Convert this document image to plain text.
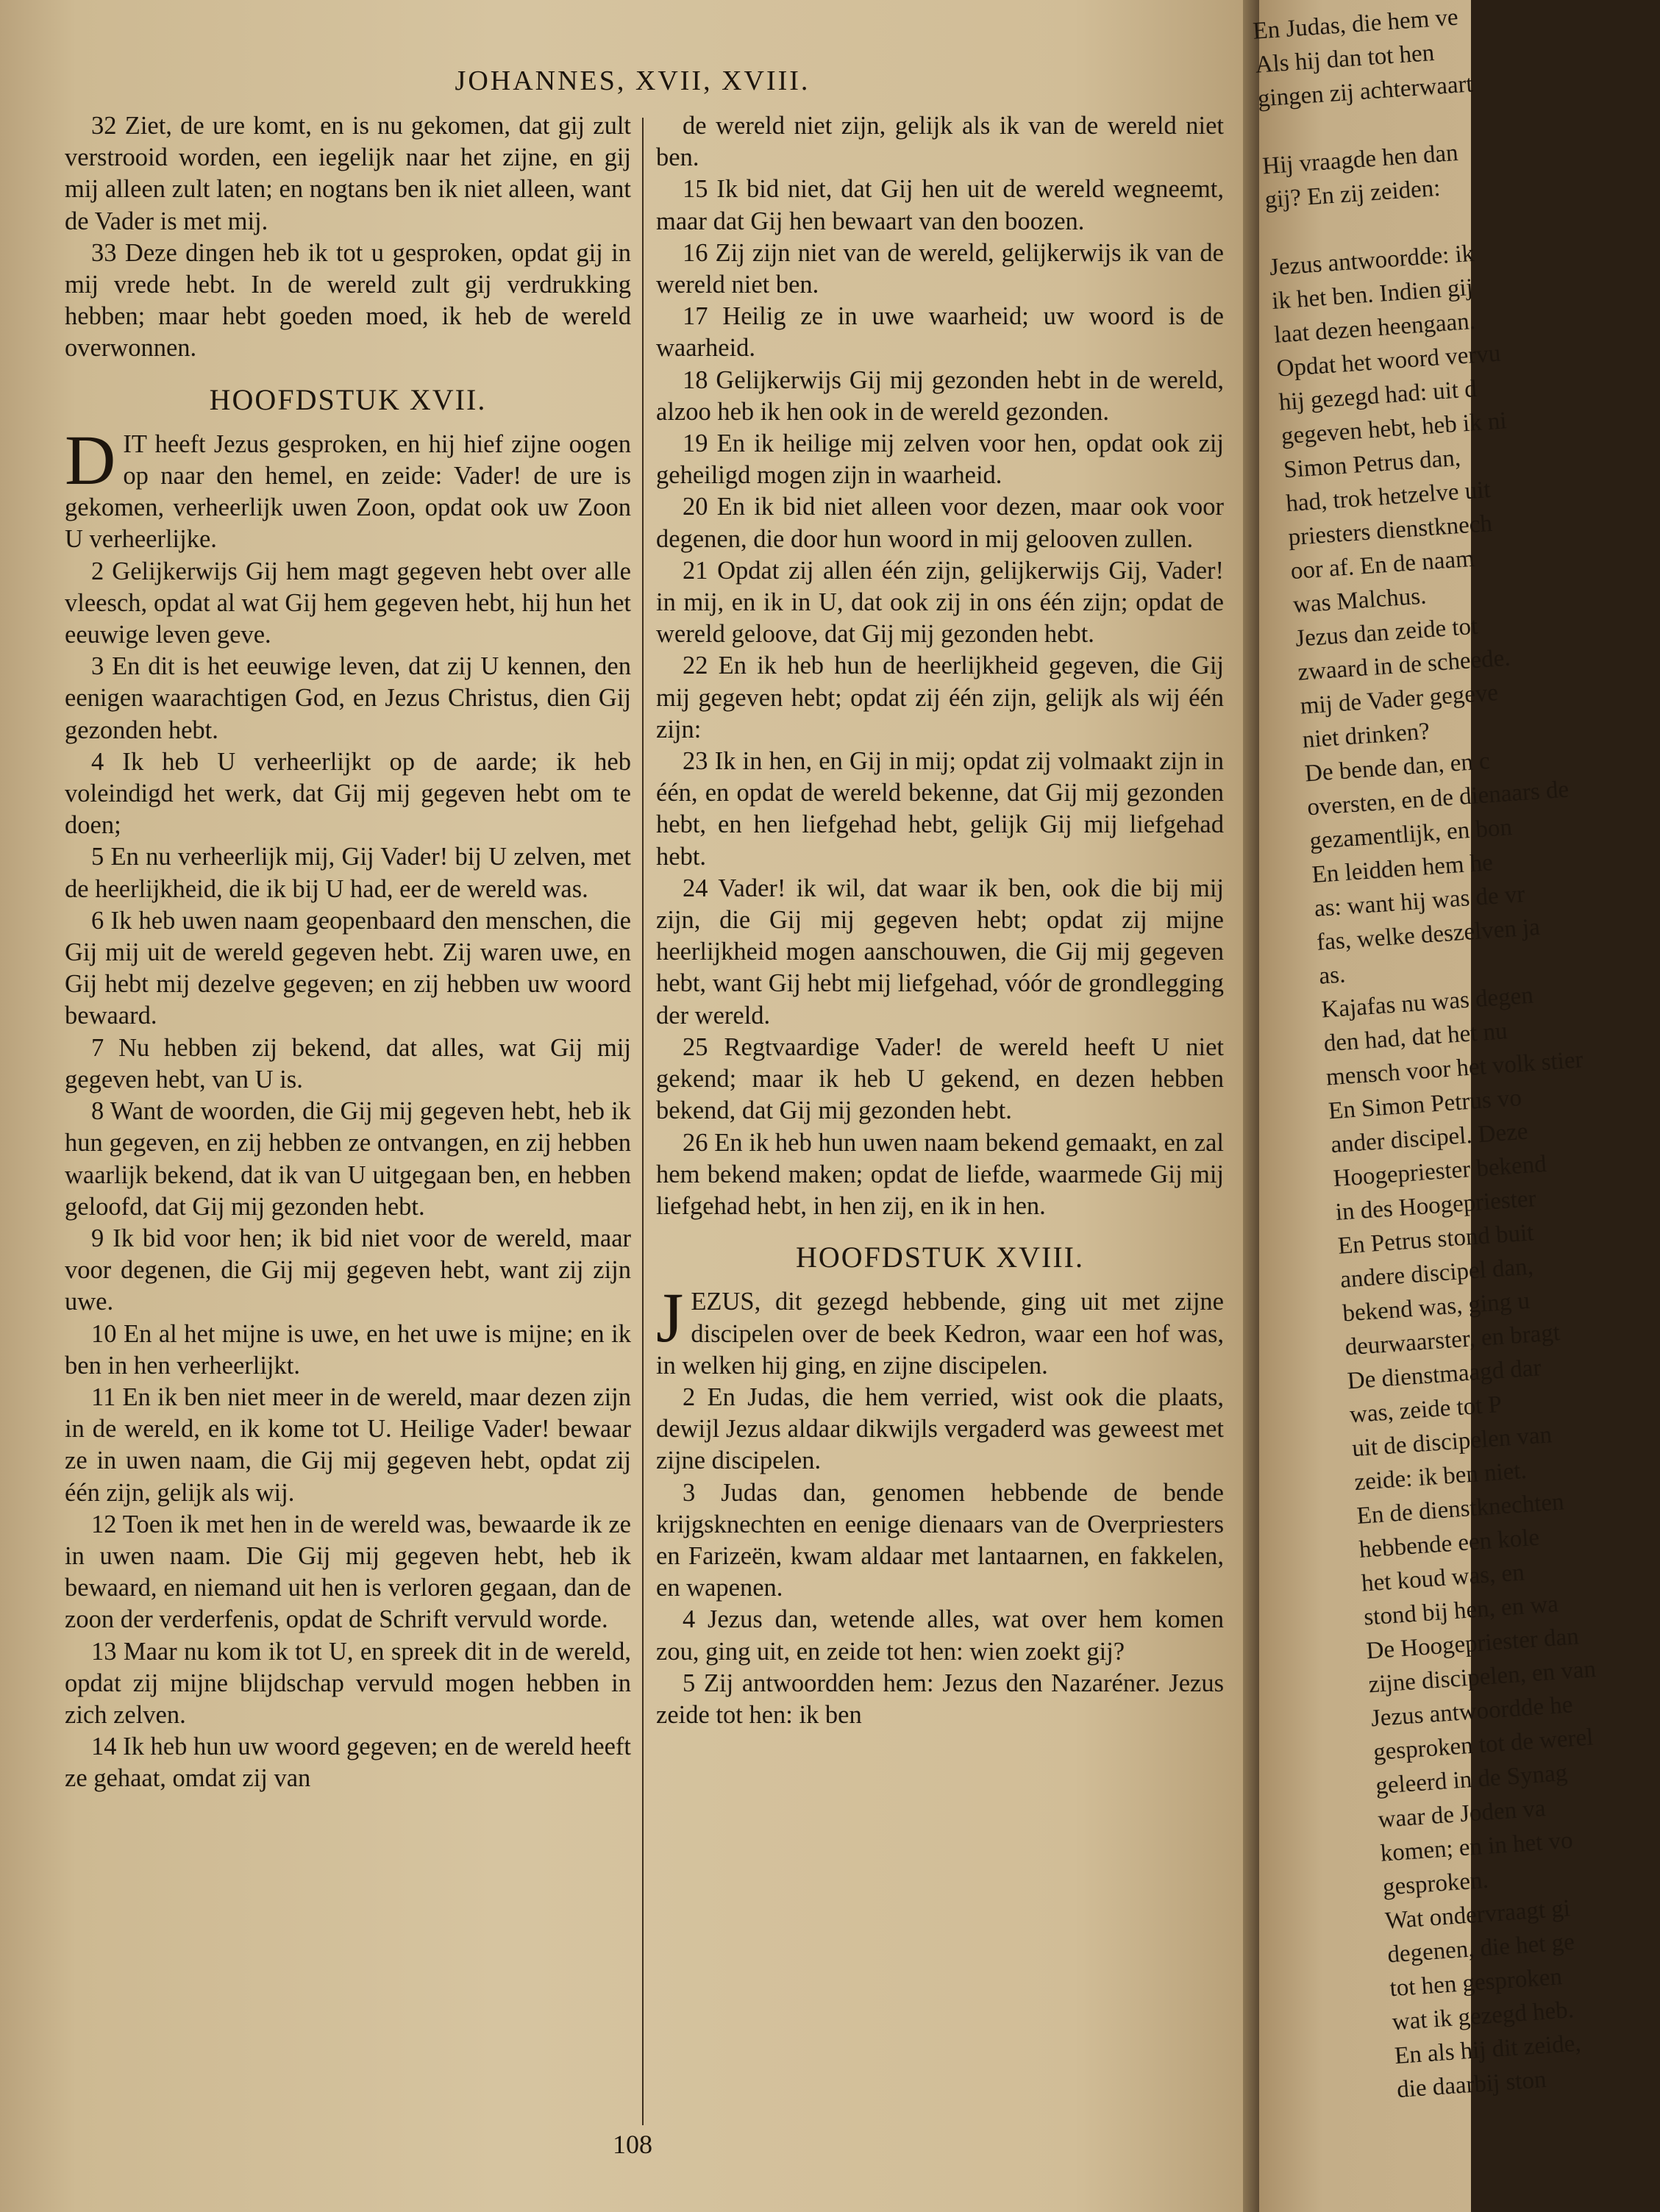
JOHANNES, XVII, XVIII.

32 Ziet, de ure komt, en is nu gekomen, dat gij zult verstrooid worden, een iegelijk naar het zijne, en gij mij alleen zult laten; en nogtans ben ik niet alleen, want de Vader is met mij.

33 Deze dingen heb ik tot u gesproken, opdat gij in mij vrede hebt. In de wereld zult gij verdrukking hebben; maar hebt goeden moed, ik heb de wereld overwonnen.

HOOFDSTUK XVII.

DIT heeft Jezus gesproken, en hij hief zijne oogen op naar den hemel, en zeide: Vader! de ure is gekomen, verheerlijk uwen Zoon, opdat ook uw Zoon U verheerlijke.

2 Gelijkerwijs Gij hem magt gegeven hebt over alle vleesch, opdat al wat Gij hem gegeven hebt, hij hun het eeuwige leven geve.

3 En dit is het eeuwige leven, dat zij U kennen, den eenigen waarachtigen God, en Jezus Christus, dien Gij gezonden hebt.

4 Ik heb U verheerlijkt op de aarde; ik heb voleindigd het werk, dat Gij mij gegeven hebt om te doen;

5 En nu verheerlijk mij, Gij Vader! bij U zelven, met de heerlijkheid, die ik bij U had, eer de wereld was.

6 Ik heb uwen naam geopenbaard den menschen, die Gij mij uit de wereld gegeven hebt. Zij waren uwe, en Gij hebt mij dezelve gegeven; en zij hebben uw woord bewaard.

7 Nu hebben zij bekend, dat alles, wat Gij mij gegeven hebt, van U is.

8 Want de woorden, die Gij mij gegeven hebt, heb ik hun gegeven, en zij hebben ze ontvangen, en zij hebben waarlijk bekend, dat ik van U uitgegaan ben, en hebben geloofd, dat Gij mij gezonden hebt.

9 Ik bid voor hen; ik bid niet voor de wereld, maar voor degenen, die Gij mij gegeven hebt, want zij zijn uwe.

10 En al het mijne is uwe, en het uwe is mijne; en ik ben in hen verheerlijkt.

11 En ik ben niet meer in de wereld, maar dezen zijn in de wereld, en ik kome tot U. Heilige Vader! bewaar ze in uwen naam, die Gij mij gegeven hebt, opdat zij één zijn, gelijk als wij.

12 Toen ik met hen in de wereld was, bewaarde ik ze in uwen naam. Die Gij mij gegeven hebt, heb ik bewaard, en niemand uit hen is verloren gegaan, dan de zoon der verderfenis, opdat de Schrift vervuld worde.

13 Maar nu kom ik tot U, en spreek dit in de wereld, opdat zij mijne blijdschap vervuld mogen hebben in zich zelven.

14 Ik heb hun uw woord gegeven; en de wereld heeft ze gehaat, omdat zij van

de wereld niet zijn, gelijk als ik van de wereld niet ben.

15 Ik bid niet, dat Gij hen uit de wereld wegneemt, maar dat Gij hen bewaart van den boozen.

16 Zij zijn niet van de wereld, gelijkerwijs ik van de wereld niet ben.

17 Heilig ze in uwe waarheid; uw woord is de waarheid.

18 Gelijkerwijs Gij mij gezonden hebt in de wereld, alzoo heb ik hen ook in de wereld gezonden.

19 En ik heilige mij zelven voor hen, opdat ook zij geheiligd mogen zijn in waarheid.

20 En ik bid niet alleen voor dezen, maar ook voor degenen, die door hun woord in mij gelooven zullen.

21 Opdat zij allen één zijn, gelijkerwijs Gij, Vader! in mij, en ik in U, dat ook zij in ons één zijn; opdat de wereld geloove, dat Gij mij gezonden hebt.

22 En ik heb hun de heerlijkheid gegeven, die Gij mij gegeven hebt; opdat zij één zijn, gelijk als wij één zijn:

23 Ik in hen, en Gij in mij; opdat zij volmaakt zijn in één, en opdat de wereld bekenne, dat Gij mij gezonden hebt, en hen liefgehad hebt, gelijk Gij mij liefgehad hebt.

24 Vader! ik wil, dat waar ik ben, ook die bij mij zijn, die Gij mij gegeven hebt; opdat zij mijne heerlijkheid mogen aanschouwen, die Gij mij gegeven hebt, want Gij hebt mij liefgehad, vóór de grondlegging der wereld.

25 Regtvaardige Vader! de wereld heeft U niet gekend; maar ik heb U gekend, en dezen hebben bekend, dat Gij mij gezonden hebt.

26 En ik heb hun uwen naam bekend gemaakt, en zal hem bekend maken; opdat de liefde, waarmede Gij mij liefgehad hebt, in hen zij, en ik in hen.

HOOFDSTUK XVIII.

JEZUS, dit gezegd hebbende, ging uit met zijne discipelen over de beek Kedron, waar een hof was, in welken hij ging, en zijne discipelen.

2 En Judas, die hem verried, wist ook die plaats, dewijl Jezus aldaar dikwijls vergaderd was geweest met zijne discipelen.

3 Judas dan, genomen hebbende de bende krijgsknechten en eenige dienaars van de Overpriesters en Farizeën, kwam aldaar met lantaarnen, en fakkelen, en wapenen.

4 Jezus dan, wetende alles, wat over hem komen zou, ging uit, en zeide tot hen: wien zoekt gij?

5 Zij antwoordden hem: Jezus den Nazaréner. Jezus zeide tot hen: ik ben

108
En Judas, die hem ve
Als hij dan tot hen
gingen zij achterwaart
Hij vraagde hen dan
gij? En zij zeiden:
Jezus antwoordde: ik
ik het ben. Indien gij
laat dezen heengaan.
Opdat het woord vervu
hij gezegd had: uit d
gegeven hebt, heb ik ni
Simon Petrus dan,
had, trok hetzelve uit
priesters dienstknech
oor af. En de naam
was Malchus.
Jezus dan zeide tot
zwaard in de scheede.
mij de Vader gegeve
niet drinken?
De bende dan, en c
oversten, en de dienaars de
gezamentlijk, en bon
En leidden hem he
as: want hij was de vr
fas, welke deszelven ja
as.
Kajafas nu was degen
den had, dat het nu
mensch voor het volk stier
En Simon Petrus vo
ander discipel. Deze
Hoogepriester bekend
in des Hoogepriester
En Petrus stond buit
andere discipel dan,
bekend was, ging u
deurwaarster, en bragt
De dienstmaagd dar
was, zeide tot P
uit de discipelen van
zeide: ik ben niet.
En de dienstknechten
hebbende een kole
het koud was, en
stond bij hen, en wa
De Hoogepriester dan
zijne discipelen, en van
Jezus antwoordde he
gesproken tot de werel
geleerd in de Synag
waar de Joden va
komen; en in het vo
gesproken.
Wat ondervraagt gi
degenen, die het ge
tot hen gesproken
wat ik gezegd heb.
En als hij dit zeide,
die daarbij ston
